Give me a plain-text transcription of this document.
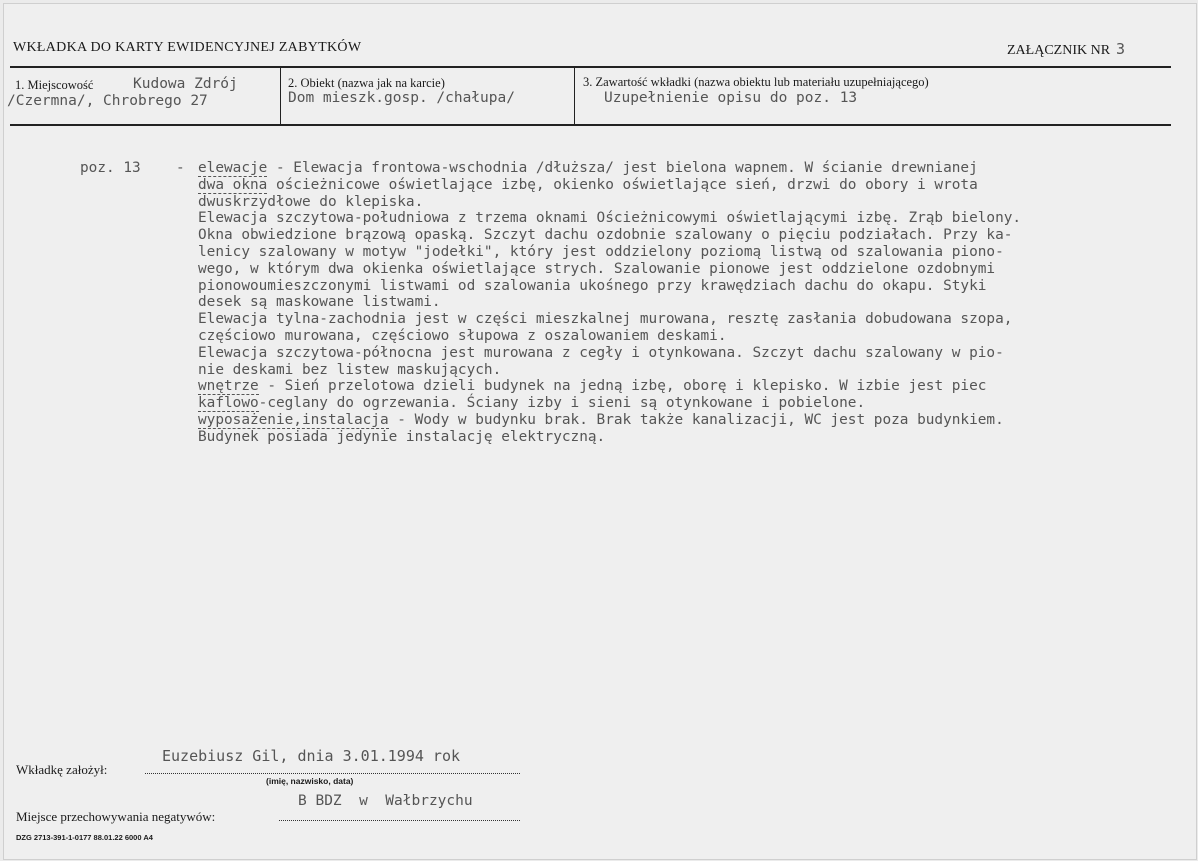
WKŁADKA DO KARTY EWIDENCYJNEJ ZABYTKÓW	ZAŁĄCZNIK NR 3
1. Miejscowość	Kudowa Zdrój
/Czermna/, Chrobrego 27
2. Obiekt (nazwa jak na karcie)
Dom mieszk.gosp. /chałupa/
3. Zawartość wkładki (nazwa obiektu lub materiału uzupełniającego)
Uzupełnienie opisu do poz. 13
poz. 13 - elewacje - Elewacja frontowa-wschodnia /dłuższa/ jest bielona wapnem. W ścianie drewnianej
dwa okna ościeżnicowe oświetlające izbę, okienko oświetlające sień, drzwi do obory i wrota
dwuskrzydłowe do klepiska.
Elewacja szczytowa-południowa z trzema oknami Ościeżnicowymi oświetlającymi izbę. Zrąb bielony.
Okna obwiedzione brązową opaską. Szczyt dachu ozdobnie szalowany o pięciu podziałach. Przy ka-
lenicy szalowany w motyw "jodełki", który jest oddzielony poziomą listwą od szalowania piono-
wego, w którym dwa okienka oświetlające strych. Szalowanie pionowe jest oddzielone ozdobnymi
pionowoumieszczonymi listwami od szalowania ukośnego przy krawędziach dachu do okapu. Styki
desek są maskowane listwami.
Elewacja tylna-zachodnia jest w części mieszkalnej murowana, resztę zasłania dobudowana szopa,
częściowo murowana, częściowo słupowa z oszalowaniem deskami.
Elewacja szczytowa-północna jest murowana z cegły i otynkowana. Szczyt dachu szalowany w pio-
nie deskami bez listew maskujących.
wnętrze - Sień przelotowa dzieli budynek na jedną izbę, oborę i klepisko. W izbie jest piec
kaflowo-ceglany do ogrzewania. Ściany izby i sieni są otynkowane i pobielone.
wyposażenie,instalacja - Wody w budynku brak. Brak także kanalizacji, WC jest poza budynkiem.
Budynek posiada jedynie instalację elektryczną.
Wkładkę założył:
Euzebiusz Gil, dnia 3.01.1994 rok
(imię, nazwisko, data)
Miejsce przechowywania negatywów:
B BDZ  w  Wałbrzychu
DZG 2713-391-1-0177 88.01.22 6000 A4
